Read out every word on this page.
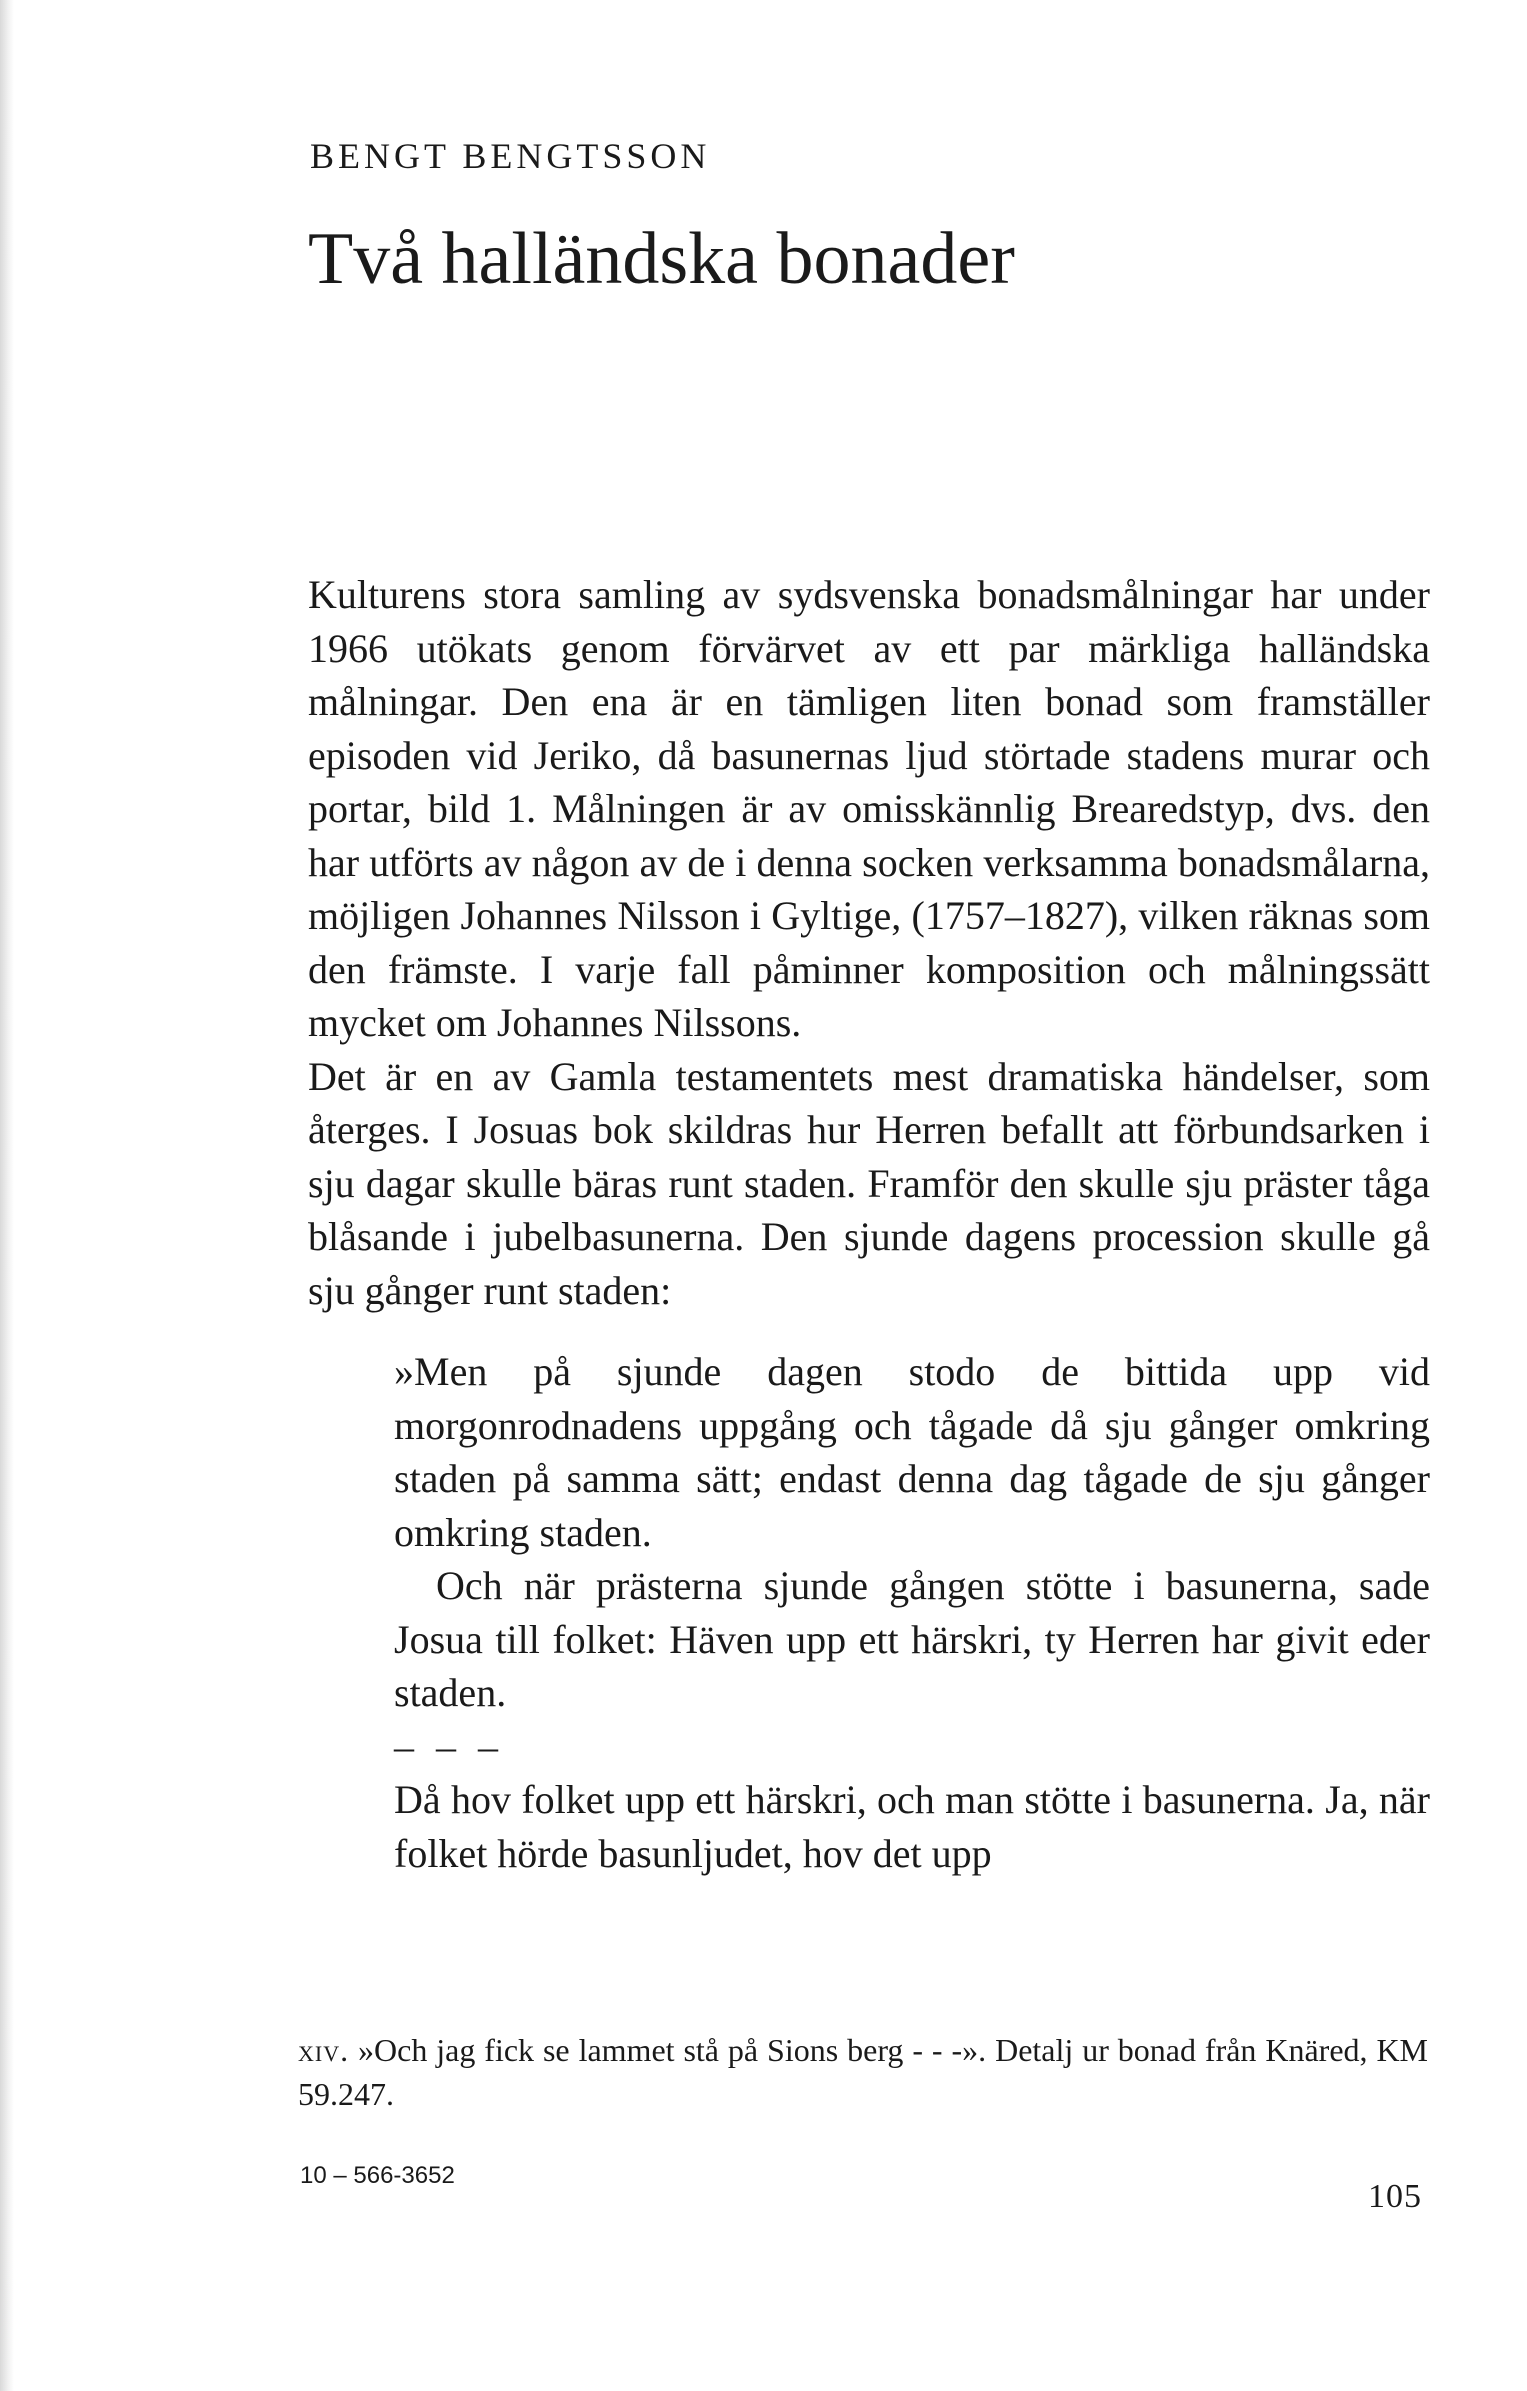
BENGT BENGTSSON
Två halländska bonader

Kulturens stora samling av sydsvenska bonadsmålningar har under 1966 utökats genom förvärvet av ett par märkliga halländska målningar. Den ena är en tämligen liten bonad som framställer episoden vid Jeriko, då basunernas ljud störtade stadens murar och portar, bild 1. Målningen är av omisskännlig Brearedstyp, dvs. den har utförts av någon av de i denna socken verksamma bonadsmålarna, möjligen Johannes Nilsson i Gyltige, (1757–1827), vilken räknas som den främste. I varje fall påminner komposition och målningssätt mycket om Johannes Nilssons.

Det är en av Gamla testamentets mest dramatiska händelser, som återges. I Josuas bok skildras hur Herren befallt att förbundsarken i sju dagar skulle bäras runt staden. Framför den skulle sju präster tåga blåsande i jubelbasunerna. Den sjunde dagens procession skulle gå sju gånger runt staden:

»Men på sjunde dagen stodo de bittida upp vid morgonrodnadens uppgång och tågade då sju gånger omkring staden på samma sätt; endast denna dag tågade de sju gånger omkring staden.

Och när prästerna sjunde gången stötte i basunerna, sade Josua till folket: Häven upp ett härskri, ty Herren har givit eder staden.

– – –

Då hov folket upp ett härskri, och man stötte i basunerna. Ja, när folket hörde basunljudet, hov det upp

xiv. »Och jag fick se lammet stå på Sions berg - - -». Detalj ur bonad från Knäred, KM 59.247.
10 – 566-3652
105
